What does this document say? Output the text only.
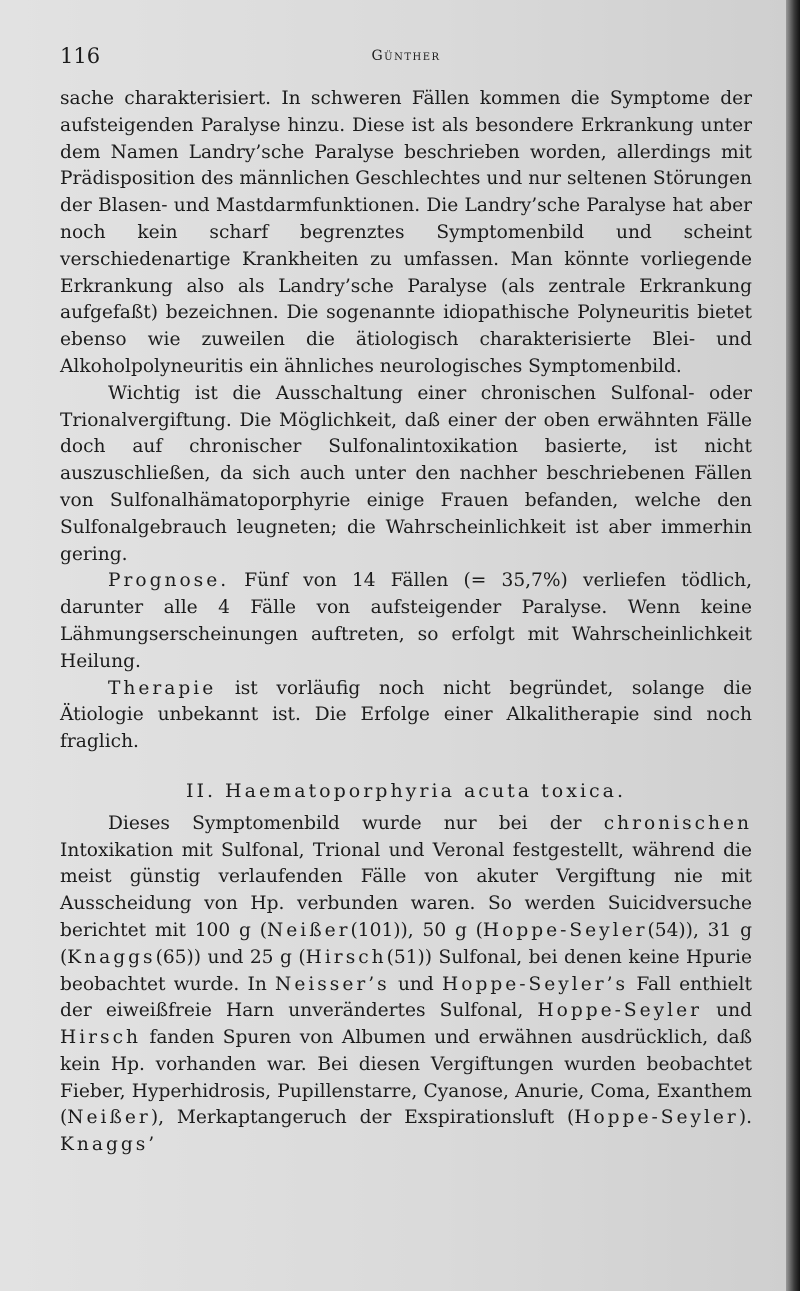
116	Günther

sache charakterisiert. In schweren Fällen kommen die Symptome der aufsteigenden Paralyse hinzu. Diese ist als besondere Erkrankung unter dem Namen Landry’sche Paralyse beschrieben worden, allerdings mit Prädisposition des männlichen Geschlechtes und nur seltenen Störungen der Blasen- und Mastdarmfunktionen. Die Landry’sche Paralyse hat aber noch kein scharf begrenztes Symptomenbild und scheint verschiedenartige Krankheiten zu umfassen. Man könnte vorliegende Erkrankung also als Landry’sche Paralyse (als zentrale Erkrankung aufgefaßt) bezeichnen. Die sogenannte idiopathische Polyneuritis bietet ebenso wie zuweilen die ätiologisch charakterisierte Blei- und Alkoholpolyneuritis ein ähnliches neurologisches Symptomenbild.

Wichtig ist die Ausschaltung einer chronischen Sulfonal- oder Trionalvergiftung. Die Möglichkeit, daß einer der oben erwähnten Fälle doch auf chronischer Sulfonalintoxikation basierte, ist nicht auszuschließen, da sich auch unter den nachher beschriebenen Fällen von Sulfonalhämatoporphyrie einige Frauen befanden, welche den Sulfonalgebrauch leugneten; die Wahrscheinlichkeit ist aber immerhin gering.

Prognose. Fünf von 14 Fällen (= 35,7%) verliefen tödlich, darunter alle 4 Fälle von aufsteigender Paralyse. Wenn keine Lähmungserscheinungen auftreten, so erfolgt mit Wahrscheinlichkeit Heilung.

Therapie ist vorläufig noch nicht begründet, solange die Ätiologie unbekannt ist. Die Erfolge einer Alkalitherapie sind noch fraglich.

II. Haematoporphyria acuta toxica.

Dieses Symptomenbild wurde nur bei der chronischen Intoxikation mit Sulfonal, Trional und Veronal festgestellt, während die meist günstig verlaufenden Fälle von akuter Vergiftung nie mit Ausscheidung von Hp. verbunden waren. So werden Suicidversuche berichtet mit 100 g (Neißer(101)), 50 g (Hoppe-Seyler(54)), 31 g (Knaggs(65)) und 25 g (Hirsch(51)) Sulfonal, bei denen keine Hpurie beobachtet wurde. In Neisser’s und Hoppe-Seyler’s Fall enthielt der eiweißfreie Harn unverändertes Sulfonal, Hoppe-Seyler und Hirsch fanden Spuren von Albumen und erwähnen ausdrücklich, daß kein Hp. vorhanden war. Bei diesen Vergiftungen wurden beobachtet Fieber, Hyperhidrosis, Pupillenstarre, Cyanose, Anurie, Coma, Exanthem (Neißer), Merkaptangeruch der Exspirationsluft (Hoppe-Seyler). Knaggs’
